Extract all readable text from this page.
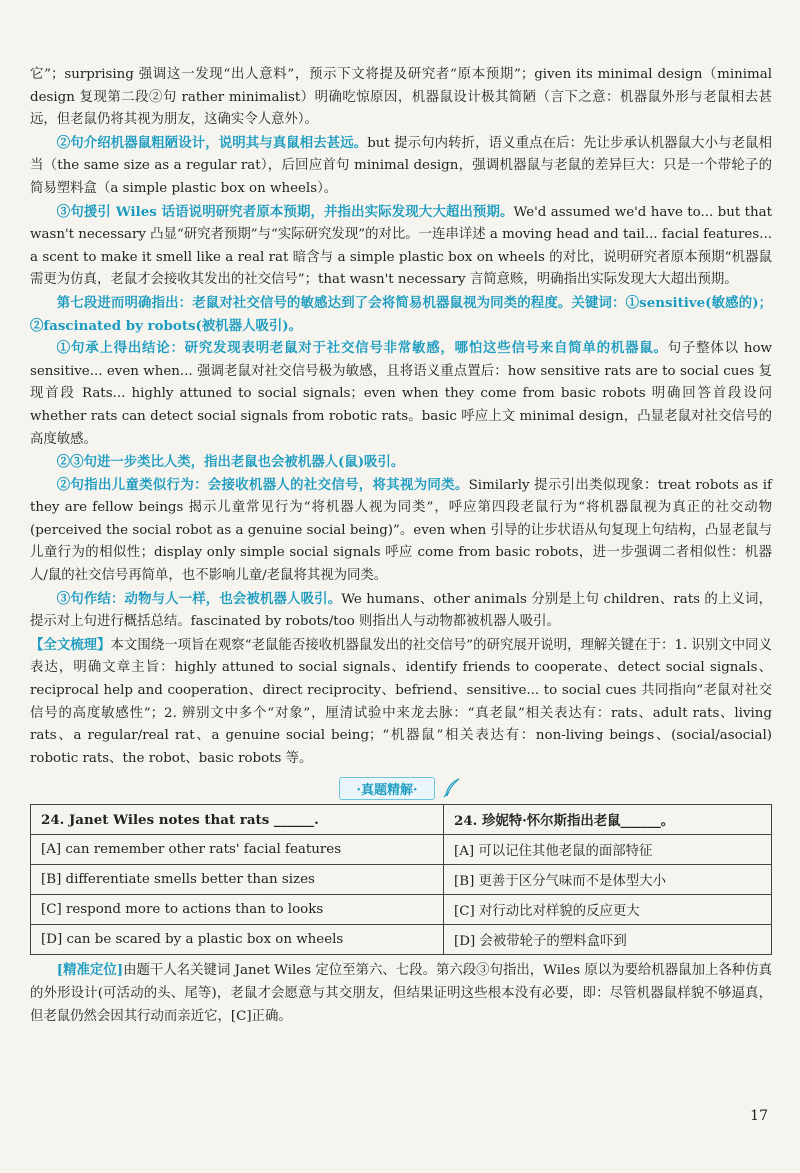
它”；surprising 强调这一发现“出人意料”，预示下文将提及研究者“原本预期”；given its minimal design（minimal design 复现第二段②句 rather minimalist）明确吃惊原因，机器鼠设计极其简陋（言下之意：机器鼠外形与老鼠相去甚远，但老鼠仍将其视为朋友，这确实令人意外）。

②句介绍机器鼠粗陋设计，说明其与真鼠相去甚远。but 提示句内转折，语义重点在后：先让步承认机器鼠大小与老鼠相当（the same size as a regular rat），后回应首句 minimal design，强调机器鼠与老鼠的差异巨大：只是一个带轮子的简易塑料盒（a simple plastic box on wheels）。

③句援引 Wiles 话语说明研究者原本预期，并指出实际发现大大超出预期。We'd assumed we'd have to... but that wasn't necessary 凸显“研究者预期”与“实际研究发现”的对比。一连串详述 a moving head and tail... facial features... a scent to make it smell like a real rat 暗含与 a simple plastic box on wheels 的对比，说明研究者原本预期“机器鼠需更为仿真，老鼠才会接收其发出的社交信号”；that wasn't necessary 言简意赅，明确指出实际发现大大超出预期。

第七段进而明确指出：老鼠对社交信号的敏感达到了会将简易机器鼠视为同类的程度。关键词：①sensitive(敏感的)；②fascinated by robots(被机器人吸引)。

①句承上得出结论：研究发现表明老鼠对于社交信号非常敏感，哪怕这些信号来自简单的机器鼠。句子整体以 how sensitive... even when... 强调老鼠对社交信号极为敏感，且将语义重点置后：how sensitive rats are to social cues 复现首段 Rats... highly attuned to social signals；even when they come from basic robots 明确回答首段设问 whether rats can detect social signals from robotic rats。basic 呼应上文 minimal design，凸显老鼠对社交信号的高度敏感。

②③句进一步类比人类，指出老鼠也会被机器人(鼠)吸引。

②句指出儿童类似行为：会接收机器人的社交信号，将其视为同类。Similarly 提示引出类似现象：treat robots as if they are fellow beings 揭示儿童常见行为“将机器人视为同类”，呼应第四段老鼠行为“将机器鼠视为真正的社交动物(perceived the social robot as a genuine social being)”。even when 引导的让步状语从句复现上句结构，凸显老鼠与儿童行为的相似性；display only simple social signals 呼应 come from basic robots，进一步强调二者相似性：机器人/鼠的社交信号再简单，也不影响儿童/老鼠将其视为同类。

③句作结：动物与人一样，也会被机器人吸引。We humans、other animals 分别是上句 children、rats 的上义词，提示对上句进行概括总结。fascinated by robots/too 则指出人与动物都被机器人吸引。

【全文梳理】本文围绕一项旨在观察“老鼠能否接收机器鼠发出的社交信号”的研究展开说明，理解关键在于：1. 识别文中同义表达，明确文章主旨：highly attuned to social signals、identify friends to cooperate、detect social signals、reciprocal help and cooperation、direct reciprocity、befriend、sensitive... to social cues 共同指向“老鼠对社交信号的高度敏感性”；2. 辨别文中多个“对象”，厘清试验中来龙去脉：“真老鼠”相关表达有：rats、adult rats、living rats、a regular/real rat、a genuine social being；“机器鼠”相关表达有：non-living beings、(social/asocial) robotic rats、the robot、basic robots 等。

·真题精解·
24. Janet Wiles notes that rats ______.	24. 珍妮特·怀尔斯指出老鼠______。
[A] can remember other rats' facial features	[A] 可以记住其他老鼠的面部特征
[B] differentiate smells better than sizes	[B] 更善于区分气味而不是体型大小
[C] respond more to actions than to looks	[C] 对行动比对样貌的反应更大
[D] can be scared by a plastic box on wheels	[D] 会被带轮子的塑料盒吓到

[精准定位]由题干人名关键词 Janet Wiles 定位至第六、七段。第六段③句指出，Wiles 原以为要给机器鼠加上各种仿真的外形设计(可活动的头、尾等)，老鼠才会愿意与其交朋友，但结果证明这些根本没有必要，即：尽管机器鼠样貌不够逼真，但老鼠仍然会因其行动而亲近它，[C]正确。

17
